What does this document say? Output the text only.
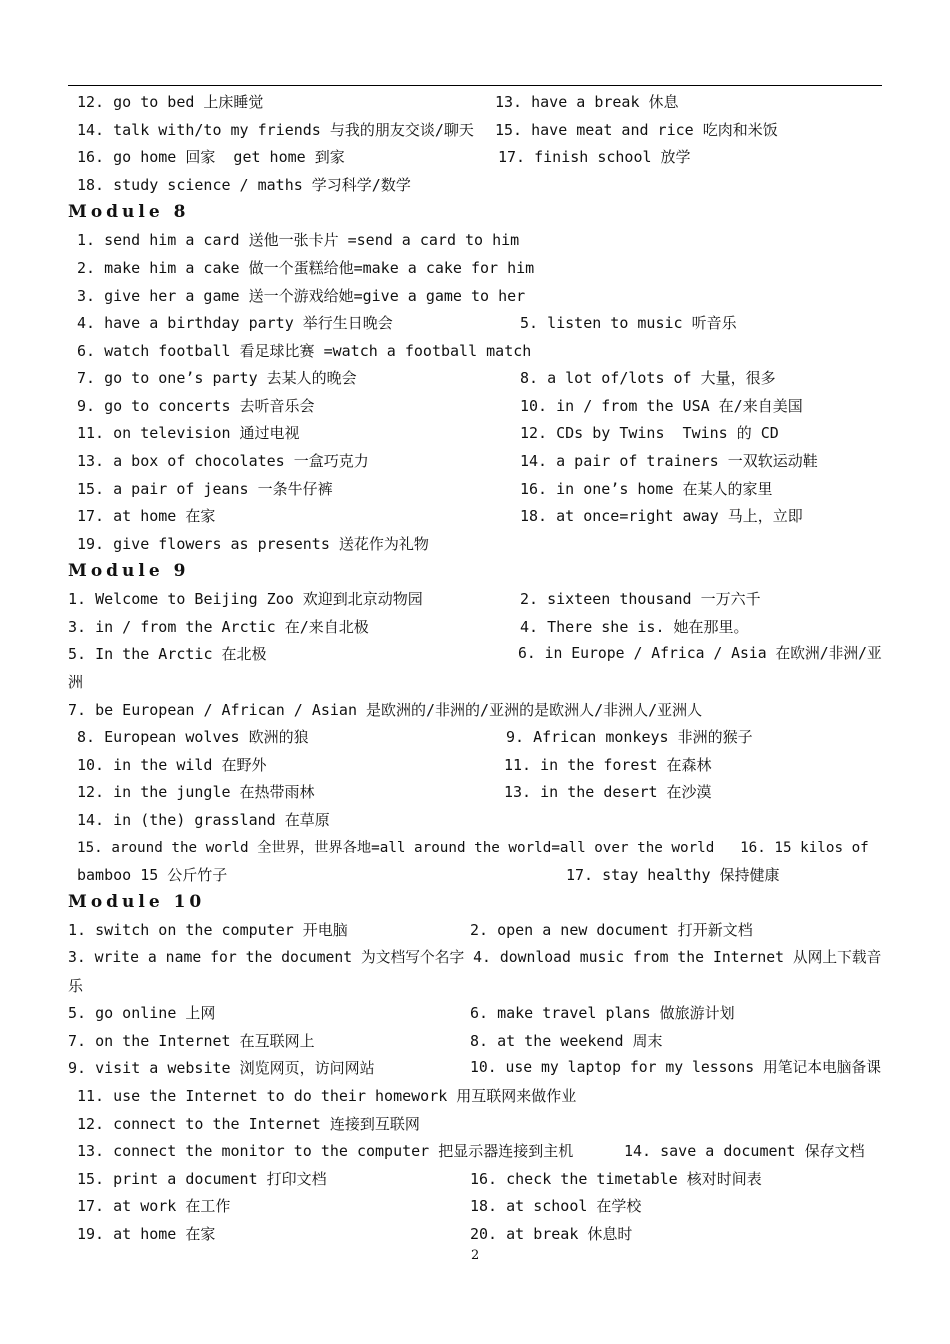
12. go to bed 上床睡觉	13. have a break 休息
14. talk with/to my friends 与我的朋友交谈/聊天 15. have meat and rice 吃肉和米饭
16. go home 回家  get home 到家	17. finish school 放学
18. study science / maths 学习科学/数学
Module 8
1. send him a card 送他一张卡片 =send a card to him
2. make him a cake 做一个蛋糕给他=make a cake for him
3. give her a game 送一个游戏给她=give a game to her
4. have a birthday party 举行生日晚会	5. listen to music 听音乐
6. watch football 看足球比赛 =watch a football match
7. go to one’s party 去某人的晚会	8. a lot of/lots of 大量，很多
9. go to concerts 去听音乐会	10. in / from the USA 在/来自美国
11. on television 通过电视	12. CDs by Twins  Twins 的 CD
13. a box of chocolates 一盒巧克力	14. a pair of trainers 一双软运动鞋
15. a pair of jeans 一条牛仔裤	16. in one’s home 在某人的家里
17. at home 在家	18. at once=right away 马上，立即
19. give flowers as presents 送花作为礼物
Module 9
1. Welcome to Beijing Zoo 欢迎到北京动物园	2. sixteen thousand 一万六千
3. in / from the Arctic 在/来自北极	4. There she is. 她在那里。
5. In the Arctic 在北极	6. in Europe / Africa / Asia 在欧洲/非洲/亚
洲
7. be European / African / Asian 是欧洲的/非洲的/亚洲的是欧洲人/非洲人/亚洲人
8. European wolves 欧洲的狼	9. African monkeys 非洲的猴子
10. in the wild 在野外	11. in the forest 在森林
12. in the jungle 在热带雨林	13. in the desert 在沙漠
14. in (the) grassland 在草原
15. around the world 全世界，世界各地=all around the world=all over the world   16. 15 kilos of
bamboo 15 公斤竹子	17. stay healthy 保持健康
Module 10
1. switch on the computer 开电脑	2. open a new document 打开新文档
3. write a name for the document 为文档写个名字 4. download music from the Internet 从网上下载音
乐
5. go online 上网	6. make travel plans 做旅游计划
7. on the Internet 在互联网上	8. at the weekend 周末
9. visit a website 浏览网页，访问网站	10. use my laptop for my lessons 用笔记本电脑备课
11. use the Internet to do their homework 用互联网来做作业
12. connect to the Internet 连接到互联网
13. connect the monitor to the computer 把显示器连接到主机	14. save a document 保存文档
15. print a document 打印文档	16. check the timetable 核对时间表
17. at work 在工作	18. at school 在学校
19. at home 在家	20. at break 休息时
2
